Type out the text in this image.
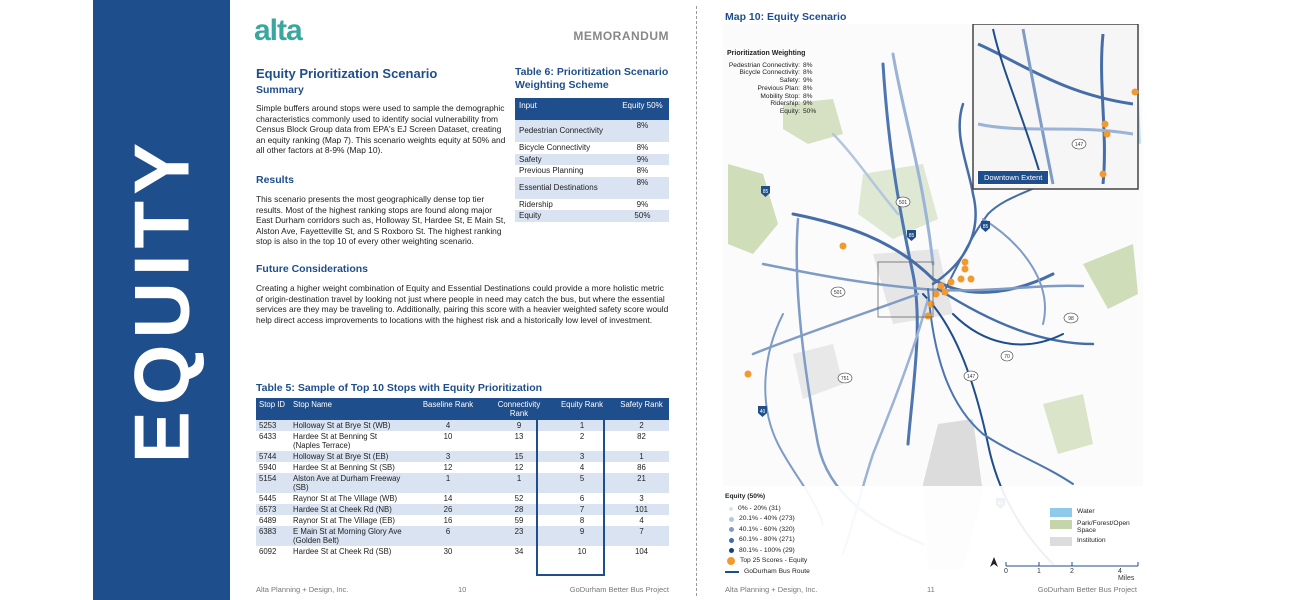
EQUITY
alta	MEMORANDUM
Equity Prioritization Scenario
Summary
Simple buffers around stops were used to sample the demographic characteristics commonly used to identify social vulnerability from Census Block Group data from EPA's EJ Screen Dataset, creating an equity ranking (Map 7). This scenario weights equity at 50% and all other factors at 8-9% (Map 10).
Results
This scenario presents the most geographically dense top tier results. Most of the highest ranking stops are found along major East Durham corridors such as, Holloway St, Hardee St, E Main St, Alston Ave, Fayetteville St, and S Roxboro St. The highest ranking stop is also in the top 10 of every other weighting scenario.
Future Considerations
Creating a higher weight combination of Equity and Essential Destinations could provide a more holistic metric of origin-destination travel by looking not just where people in need may catch the bus, but where the essential services are they may be traveling to. Additionally, pairing this score with a heavier weighted safety score would help direct access improvements to locations with the highest risk and a historically low level of investment.
Table 6: Prioritization Scenario Weighting Scheme
Input	Equity 50%
Pedestrian Connectivity	8%
Bicycle Connectivity	8%
Safety	9%
Previous Planning	8%
Essential Destinations	8%
Ridership	9%
Equity	50%
Table 5: Sample of Top 10 Stops with Equity Prioritization
Stop ID	Stop Name	Baseline Rank	Connectivity Rank	Equity Rank	Safety Rank
5253	Holloway St at Brye St (WB)	4	9	1	2
6433	Hardee St at Benning St (Naples Terrace)	10	13	2	82
5744	Holloway St at Brye St (EB)	3	15	3	1
5940	Hardee St at Benning St (SB)	12	12	4	86
5154	Alston Ave at Durham Freeway (SB)	1	1	5	21
5445	Raynor St at The Village (WB)	14	52	6	3
6573	Hardee St at Cheek Rd (NB)	26	28	7	101
6489	Raynor St at The Village (EB)	16	59	8	4
6383	E Main St at Morning Glory Ave (Golden Belt)	6	23	9	7
6092	Hardee St at Cheek Rd (SB)	30	34	10	104
Alta Planning + Design, Inc.	10	GoDurham Better Bus Project
Map 10: Equity Scenario
85
501
85
85
147
501
98
70
751	147
40
Prioritization Weighting
Pedestrian Connectivity: 8%
Bicycle Connectivity: 8%
Safety: 9%
Previous Plan: 8%
Mobility Stop: 8%
Ridership: 9%
Equity: 50%
Downtown Extent
Equity (50%)
0% - 20% (31)
20.1% - 40% (273)
40.1% - 60% (320)
60.1% - 80% (271)
80.1% - 100% (29)
Top 25 Scores - Equity
GoDurham Bus Route
Water
Park/Forest/Open Space
Institution
0	1	2	4 Miles
Alta Planning + Design, Inc.	11	GoDurham Better Bus Project
